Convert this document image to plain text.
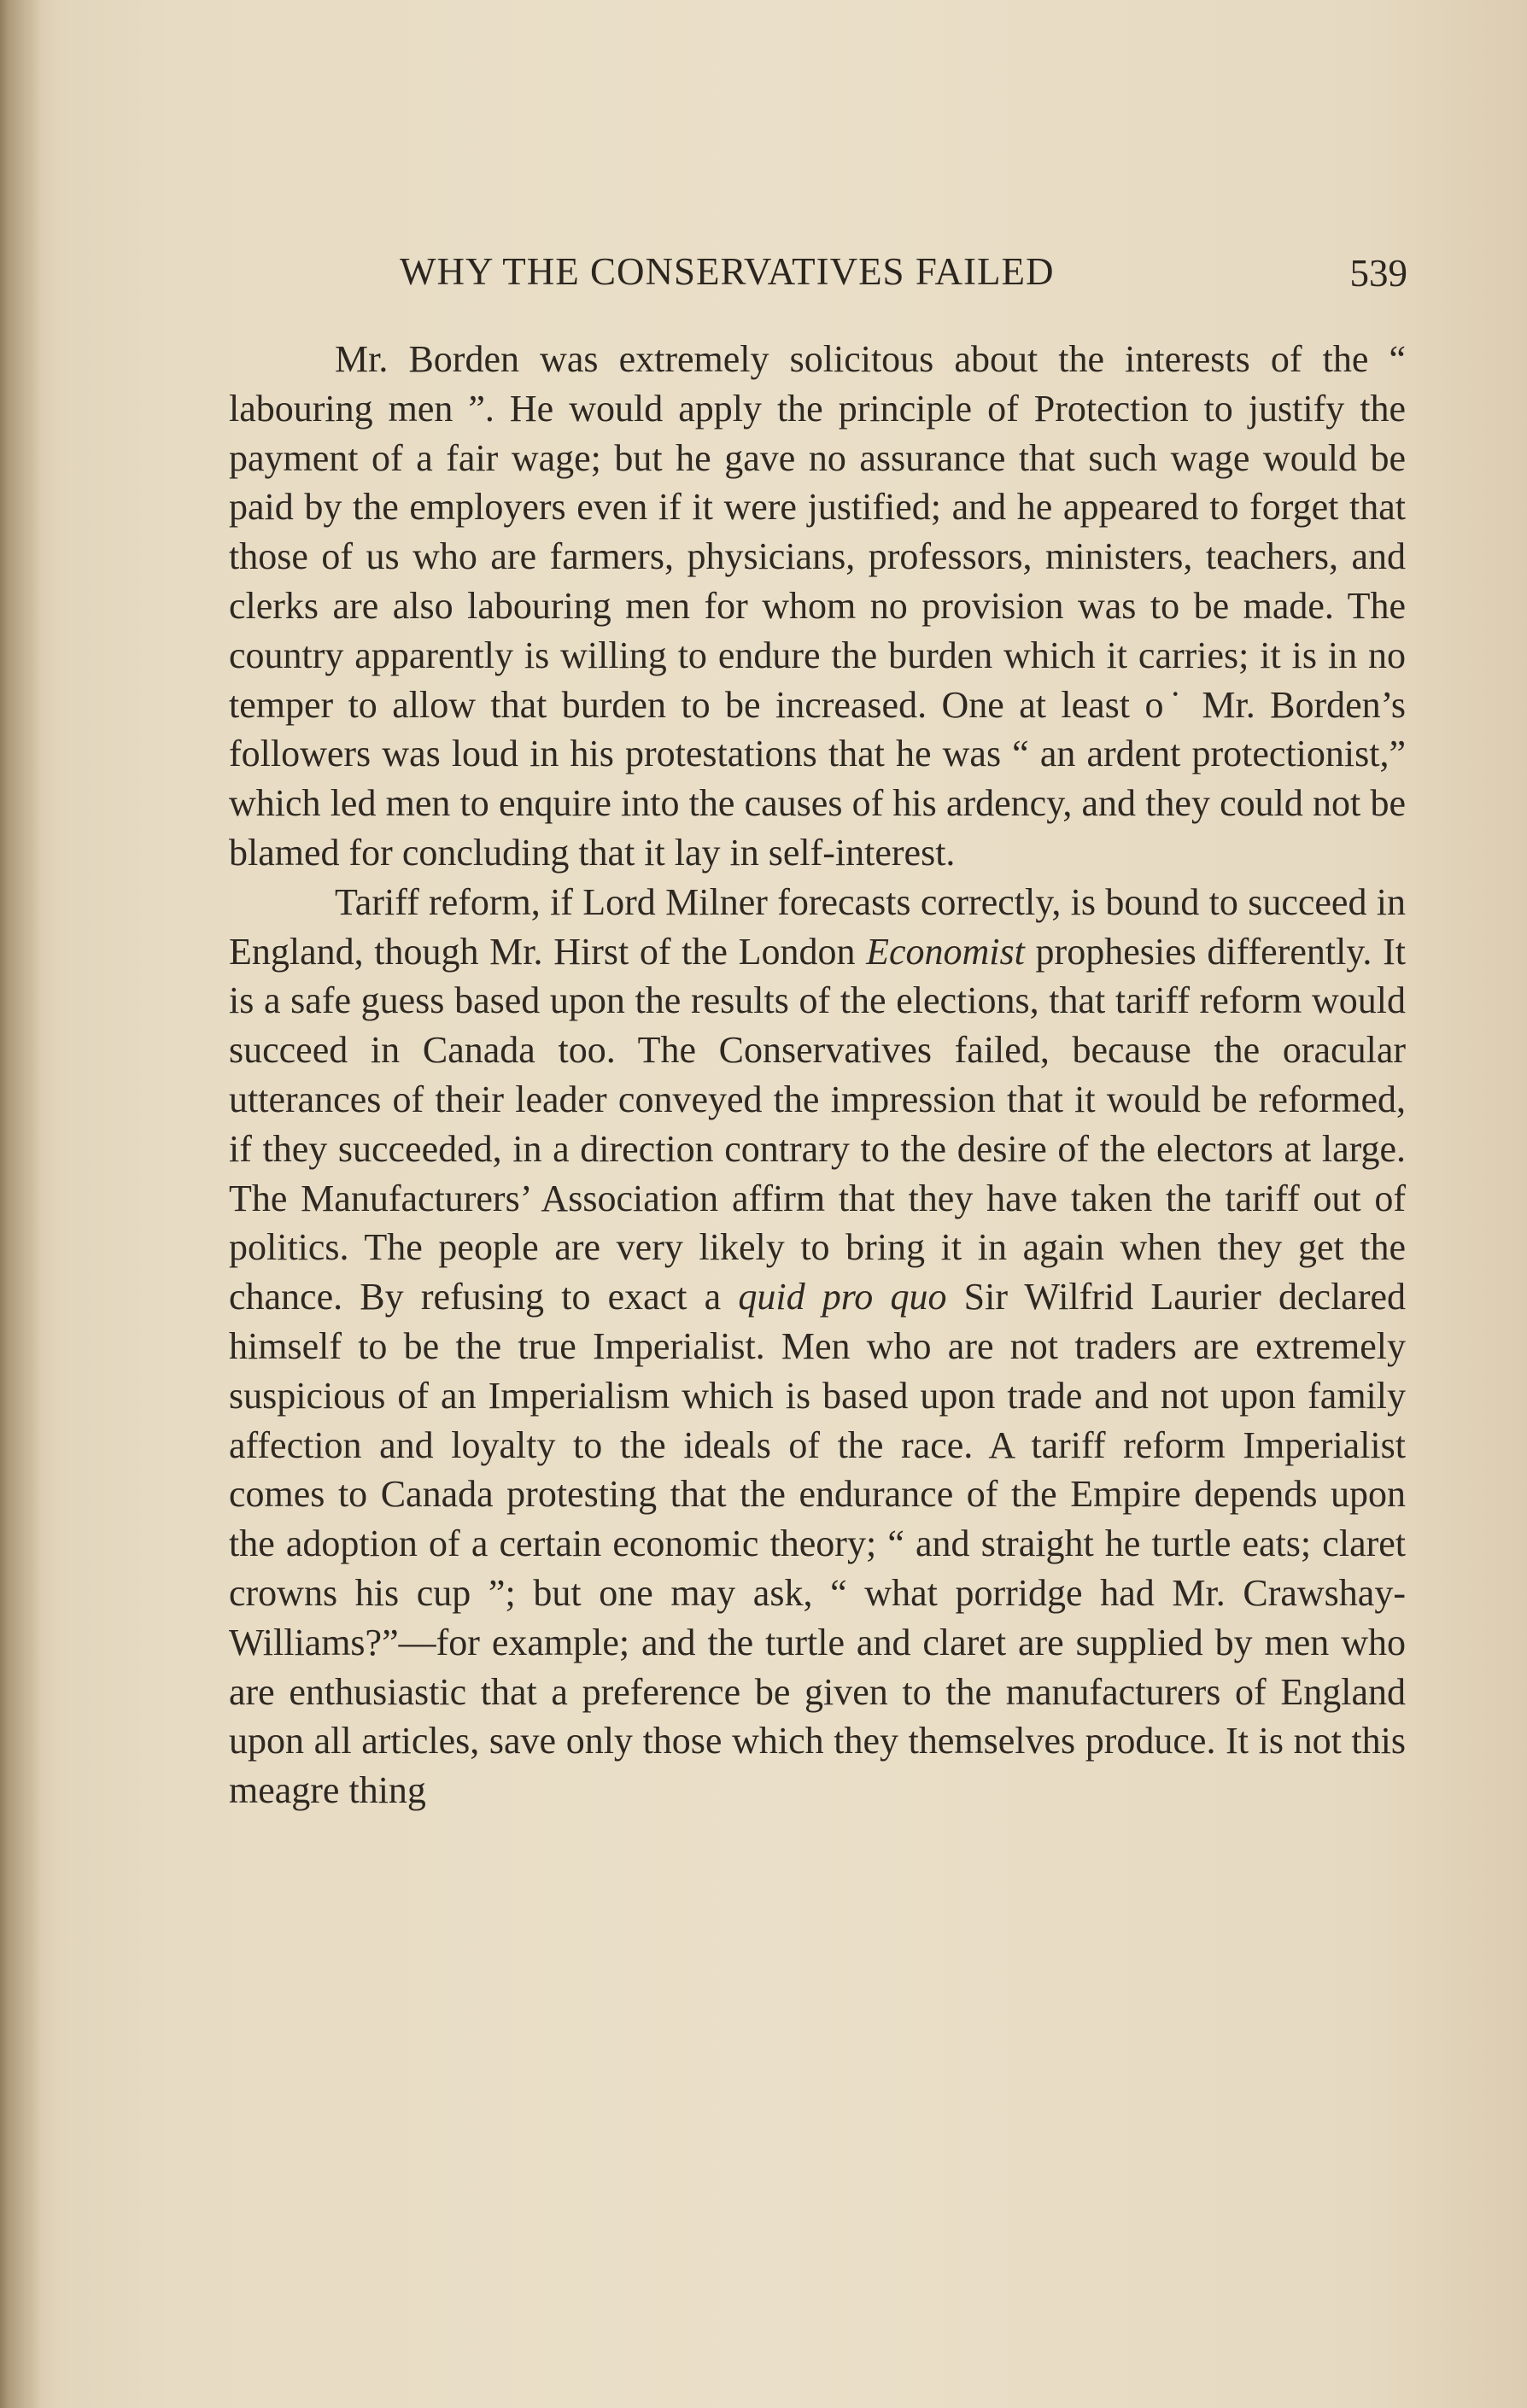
WHY THE CONSERVATIVES FAILED	539

Mr. Borden was extremely solicitous about the interests of the “ labouring men ”. He would apply the principle of Protection to justify the payment of a fair wage; but he gave no assurance that such wage would be paid by the employers even if it were justified; and he appeared to forget that those of us who are farmers, physicians, professors, ministers, teachers, and clerks are also labouring men for whom no provision was to be made. The country apparently is willing to endure the burden which it carries; it is in no temper to allow that burden to be increased. One at least o˙ Mr. Borden’s followers was loud in his protestations that he was “ an ardent protectionist,” which led men to enquire into the causes of his ardency, and they could not be blamed for concluding that it lay in self-interest.

Tariff reform, if Lord Milner forecasts correctly, is bound to succeed in England, though Mr. Hirst of the London Economist prophesies differently. It is a safe guess based upon the results of the elections, that tariff reform would succeed in Canada too. The Conservatives failed, because the oracular utterances of their leader conveyed the impression that it would be reformed, if they succeeded, in a direction contrary to the desire of the electors at large. The Manufacturers’ Association affirm that they have taken the tariff out of politics. The people are very likely to bring it in again when they get the chance. By refusing to exact a quid pro quo Sir Wilfrid Laurier declared himself to be the true Imperialist. Men who are not traders are extremely suspicious of an Imperialism which is based upon trade and not upon family affection and loyalty to the ideals of the race. A tariff reform Imperialist comes to Canada protesting that the endurance of the Empire depends upon the adoption of a certain economic theory; “ and straight he turtle eats; claret crowns his cup ”; but one may ask, “ what porridge had Mr. Crawshay-Williams?”—for example; and the turtle and claret are supplied by men who are enthusiastic that a preference be given to the manufacturers of England upon all articles, save only those which they themselves produce. It is not this meagre thing
